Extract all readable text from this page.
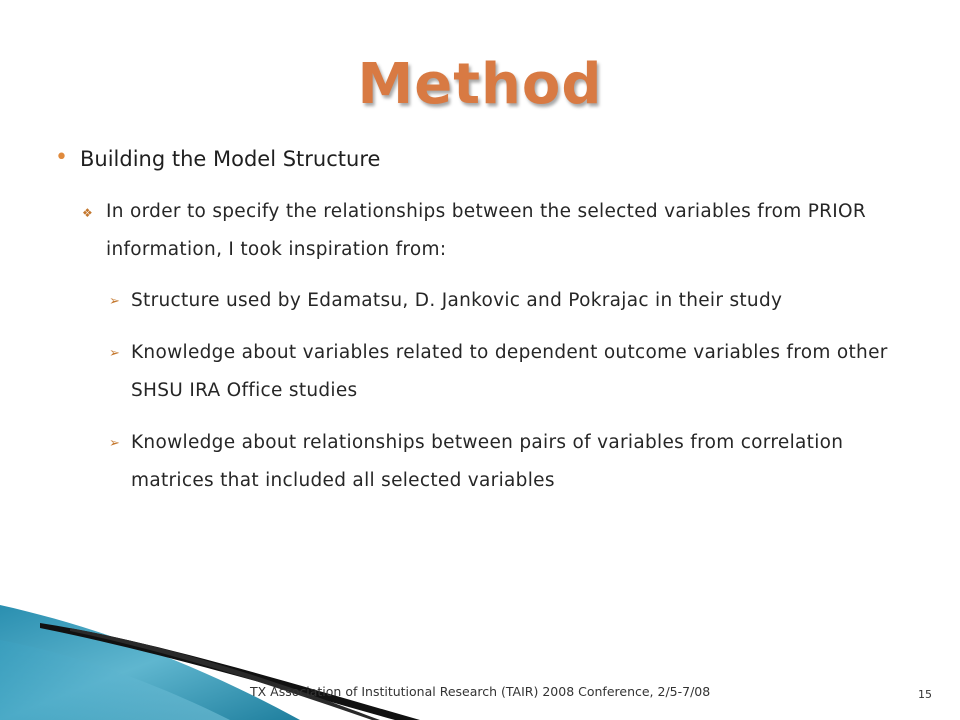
Method
• Building the Model Structure
❖ In order to specify the relationships between the selected variables from PRIOR information, I took inspiration from:
➢ Structure used by Edamatsu, D. Jankovic and Pokrajac in their study
➢ Knowledge about variables related to dependent outcome variables from other SHSU IRA Office studies
➢ Knowledge about relationships between pairs of variables from correlation matrices that included all selected variables
TX Association of Institutional Research (TAIR) 2008 Conference, 2/5-7/08	15
